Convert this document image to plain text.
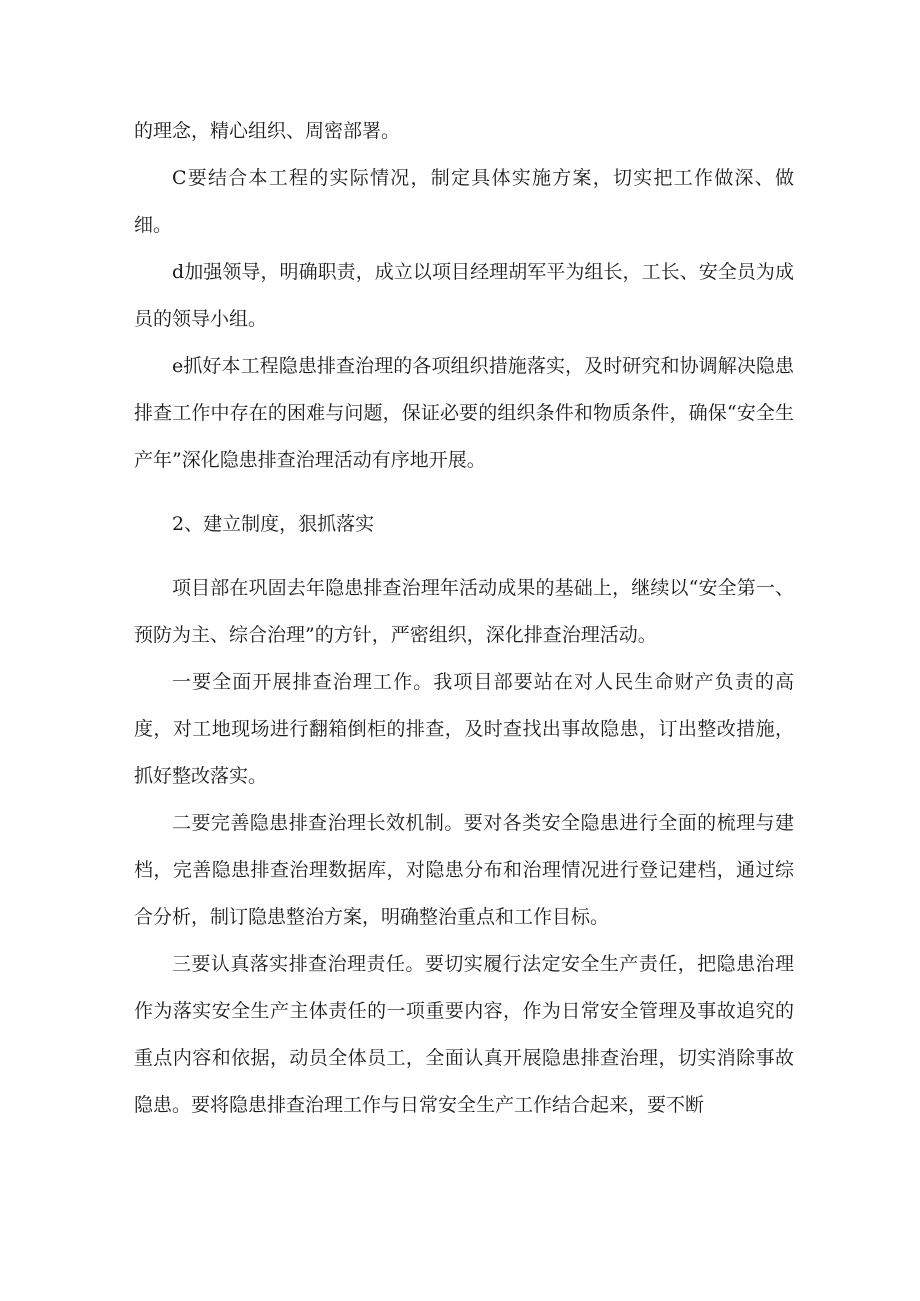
的理念，精心组织、周密部署。

C要结合本工程的实际情况，制定具体实施方案，切实把工作做深、做细。

d加强领导，明确职责，成立以项目经理胡军平为组长，工长、安全员为成员的领导小组。

e抓好本工程隐患排查治理的各项组织措施落实，及时研究和协调解决隐患排查工作中存在的困难与问题，保证必要的组织条件和物质条件，确保“安全生产年”深化隐患排查治理活动有序地开展。

2、建立制度，狠抓落实

项目部在巩固去年隐患排查治理年活动成果的基础上，继续以“安全第一、预防为主、综合治理”的方针，严密组织，深化排查治理活动。

一要全面开展排查治理工作。我项目部要站在对人民生命财产负责的高度，对工地现场进行翻箱倒柜的排查，及时查找出事故隐患，订出整改措施，抓好整改落实。

二要完善隐患排查治理长效机制。要对各类安全隐患进行全面的梳理与建档，完善隐患排查治理数据库，对隐患分布和治理情况进行登记建档，通过综合分析，制订隐患整治方案，明确整治重点和工作目标。

三要认真落实排查治理责任。要切实履行法定安全生产责任，把隐患治理作为落实安全生产主体责任的一项重要内容，作为日常安全管理及事故追究的重点内容和依据，动员全体员工，全面认真开展隐患排查治理，切实消除事故隐患。要将隐患排查治理工作与日常安全生产工作结合起来，要不断
